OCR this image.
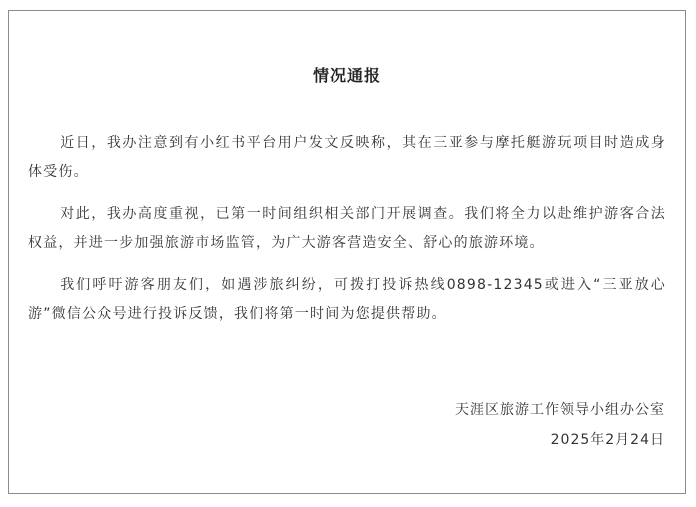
情况通报

近日，我办注意到有小红书平台用户发文反映称，其在三亚参与摩托艇游玩项目时造成身体受伤。

对此，我办高度重视，已第一时间组织相关部门开展调查。我们将全力以赴维护游客合法权益，并进一步加强旅游市场监管，为广大游客营造安全、舒心的旅游环境。

我们呼吁游客朋友们，如遇涉旅纠纷，可拨打投诉热线0898-12345或进入“三亚放心游”微信公众号进行投诉反馈，我们将第一时间为您提供帮助。

天涯区旅游工作领导小组办公室
2025年2月24日
